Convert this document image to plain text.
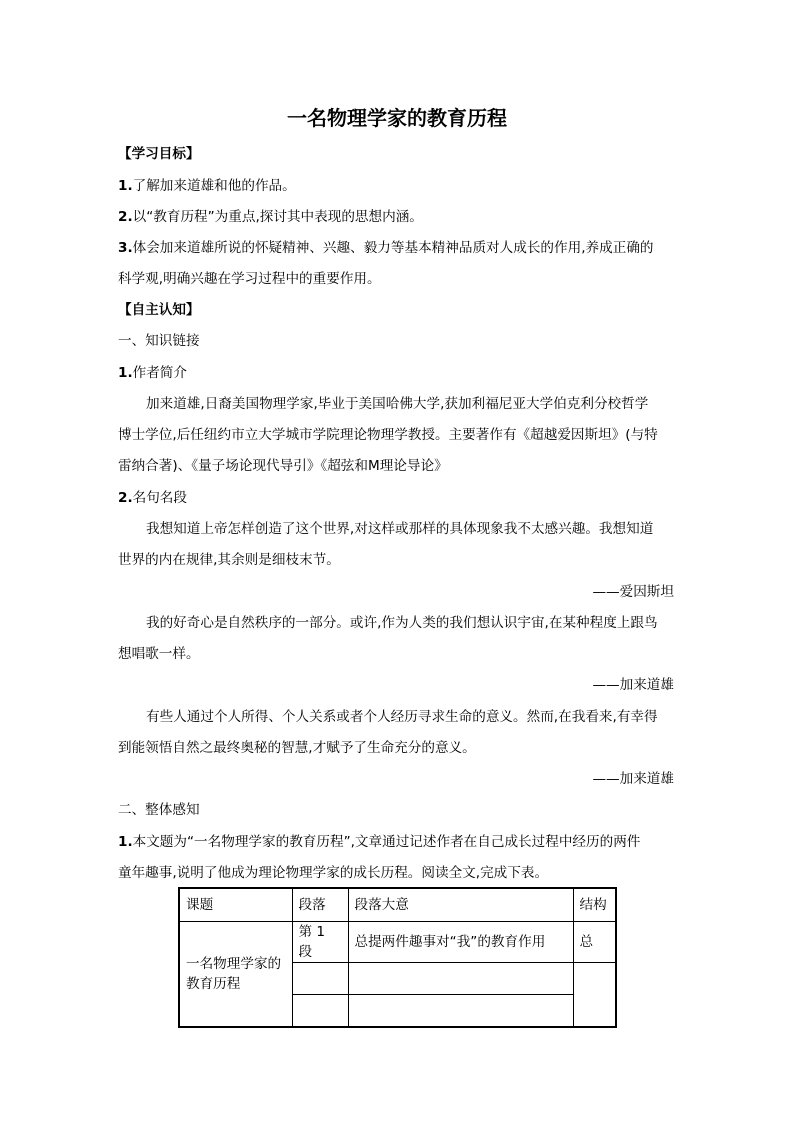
一名物理学家的教育历程
【学习目标】
1.了解加来道雄和他的作品。
2.以“教育历程”为重点,探讨其中表现的思想内涵。
3.体会加来道雄所说的怀疑精神、兴趣、毅力等基本精神品质对人成长的作用,养成正确的
科学观,明确兴趣在学习过程中的重要作用。
【自主认知】
一、知识链接
1.作者简介
加来道雄,日裔美国物理学家,毕业于美国哈佛大学,获加利福尼亚大学伯克利分校哲学
博士学位,后任纽约市立大学城市学院理论物理学教授。主要著作有《超越爱因斯坦》(与特
雷纳合著)、《量子场论现代导引》《超弦和M理论导论》
2.名句名段
我想知道上帝怎样创造了这个世界,对这样或那样的具体现象我不太感兴趣。我想知道
世界的内在规律,其余则是细枝末节。
——爱因斯坦
我的好奇心是自然秩序的一部分。或许,作为人类的我们想认识宇宙,在某种程度上跟鸟
想唱歌一样。
——加来道雄
有些人通过个人所得、个人关系或者个人经历寻求生命的意义。然而,在我看来,有幸得
到能领悟自然之最终奥秘的智慧,才赋予了生命充分的意义。
——加来道雄
二、整体感知
1.本文题为“一名物理学家的教育历程”,文章通过记述作者在自己成长过程中经历的两件
童年趣事,说明了他成为理论物理学家的成长历程。阅读全文,完成下表。
课题	段落	段落大意	结构
一名物理学家的教育历程	第 1 段	总提两件趣事对“我”的教育作用	总
